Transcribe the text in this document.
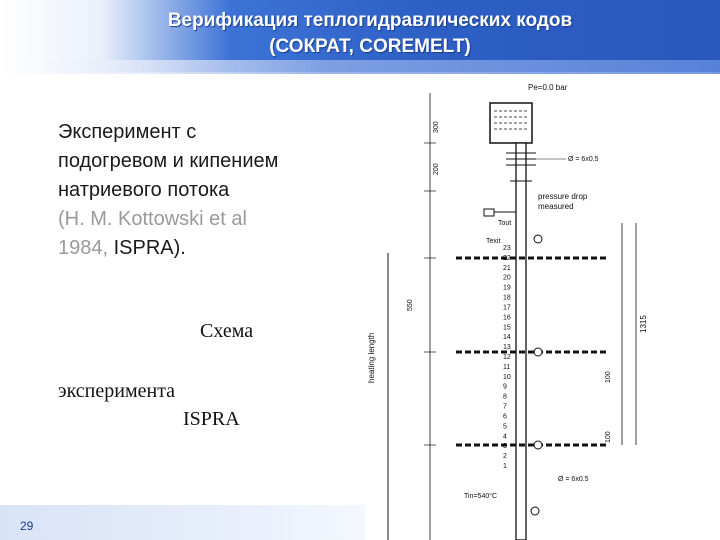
Верификация теплогидравлических кодов
(СОКРАТ, COREMELT)
Эксперимент с
подогревом и кипением
натриевого потока
(H. M. Kottowski et al
1984, ISPRA).
Схема
эксперимента
ISPRA
29
Pe=0.0 bar
Ø = 6x0.5
pressure drop
measured
Tout
Texit
23
22
21
20
19
18
17
16
15
14
13
12
11
10
9
8
7
6
5
4
3
2
1
heating length
300
200
550
1315
100
100
Tin=540°C
Ø = 6x0.5
